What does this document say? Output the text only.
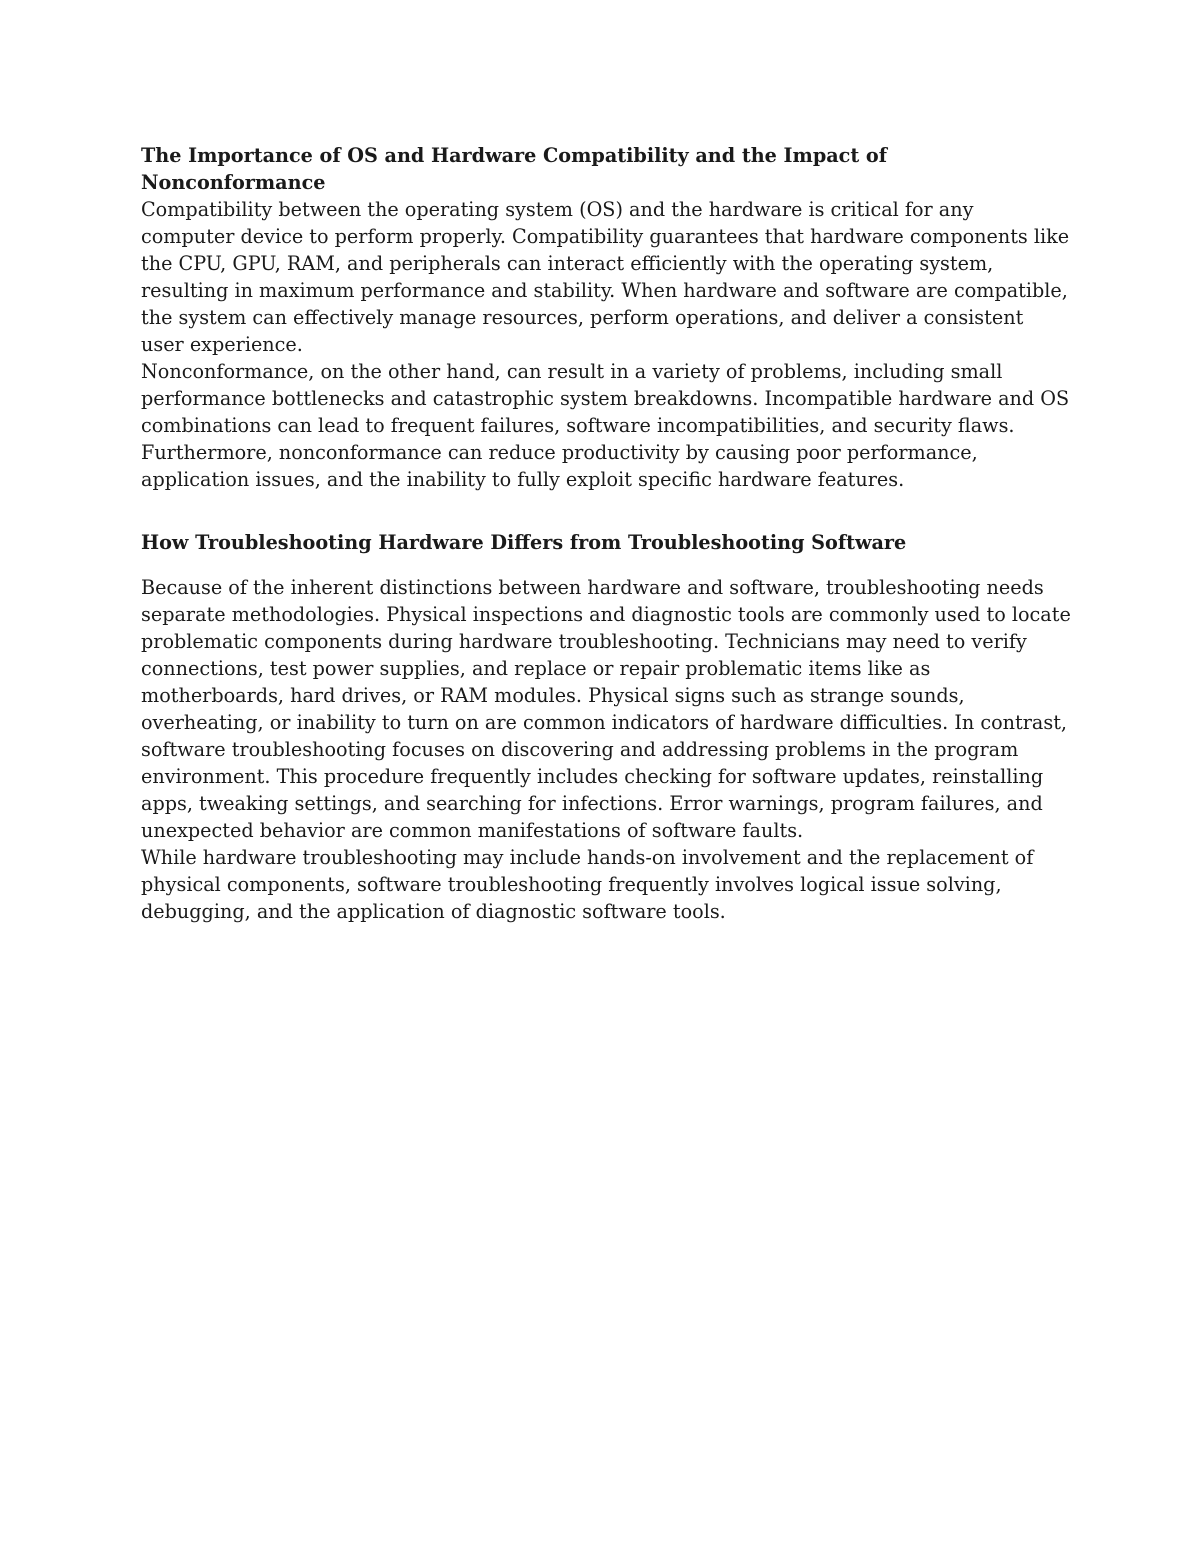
The Importance of OS and Hardware Compatibility and the Impact of Nonconformance

Compatibility between the operating system (OS) and the hardware is critical for any computer device to perform properly. Compatibility guarantees that hardware components like the CPU, GPU, RAM, and peripherals can interact efficiently with the operating system, resulting in maximum performance and stability. When hardware and software are compatible, the system can effectively manage resources, perform operations, and deliver a consistent user experience.

Nonconformance, on the other hand, can result in a variety of problems, including small performance bottlenecks and catastrophic system breakdowns. Incompatible hardware and OS combinations can lead to frequent failures, software incompatibilities, and security flaws. Furthermore, nonconformance can reduce productivity by causing poor performance, application issues, and the inability to fully exploit specific hardware features.

How Troubleshooting Hardware Differs from Troubleshooting Software

Because of the inherent distinctions between hardware and software, troubleshooting needs separate methodologies. Physical inspections and diagnostic tools are commonly used to locate problematic components during hardware troubleshooting. Technicians may need to verify connections, test power supplies, and replace or repair problematic items like as motherboards, hard drives, or RAM modules. Physical signs such as strange sounds, overheating, or inability to turn on are common indicators of hardware difficulties. In contrast, software troubleshooting focuses on discovering and addressing problems in the program environment. This procedure frequently includes checking for software updates, reinstalling apps, tweaking settings, and searching for infections. Error warnings, program failures, and unexpected behavior are common manifestations of software faults.

While hardware troubleshooting may include hands-on involvement and the replacement of physical components, software troubleshooting frequently involves logical issue solving, debugging, and the application of diagnostic software tools.
